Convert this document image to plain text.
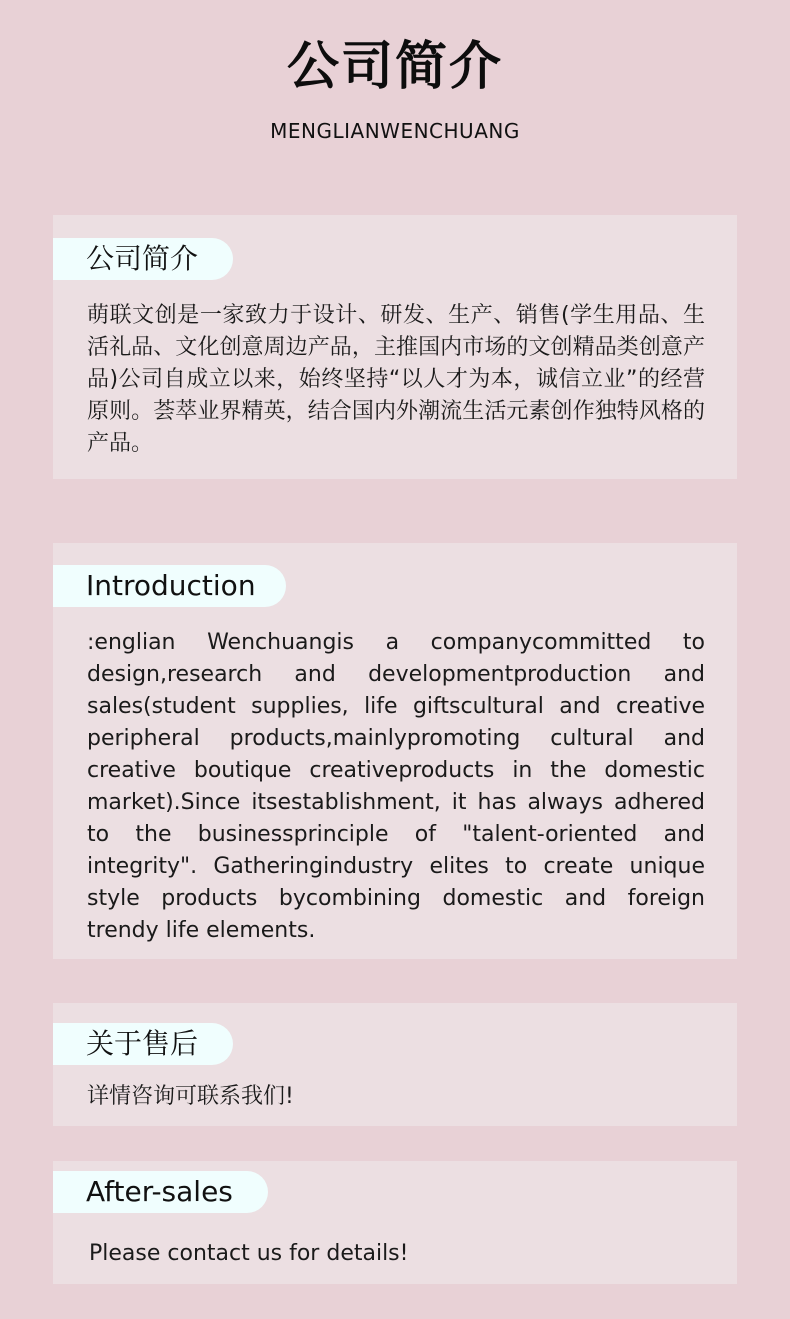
公司简介
MENGLIANWENCHUANG
公司简介
萌联文创是一家致力于设计、研发、生产、销售(学生用品、生活礼品、文化创意周边产品，主推国内市场的文创精品类创意产品)公司自成立以来，始终坚持“以人才为本，诚信立业”的经营原则。荟萃业界精英，结合国内外潮流生活元素创作独特风格的产品。
Introduction
:englian Wenchuangis a companycommitted to design,research and developmentproduction and sales(student supplies, life giftscultural and creative peripheral products,mainlypromoting cultural and creative boutique creativeproducts in the domestic market).Since itsestablishment, it has always adhered to the businessprinciple of "talent-oriented and integrity". Gatheringindustry elites to create unique style products bycombining domestic and foreign trendy life elements.
关于售后
详情咨询可联系我们!
After-sales
Please contact us for details!
